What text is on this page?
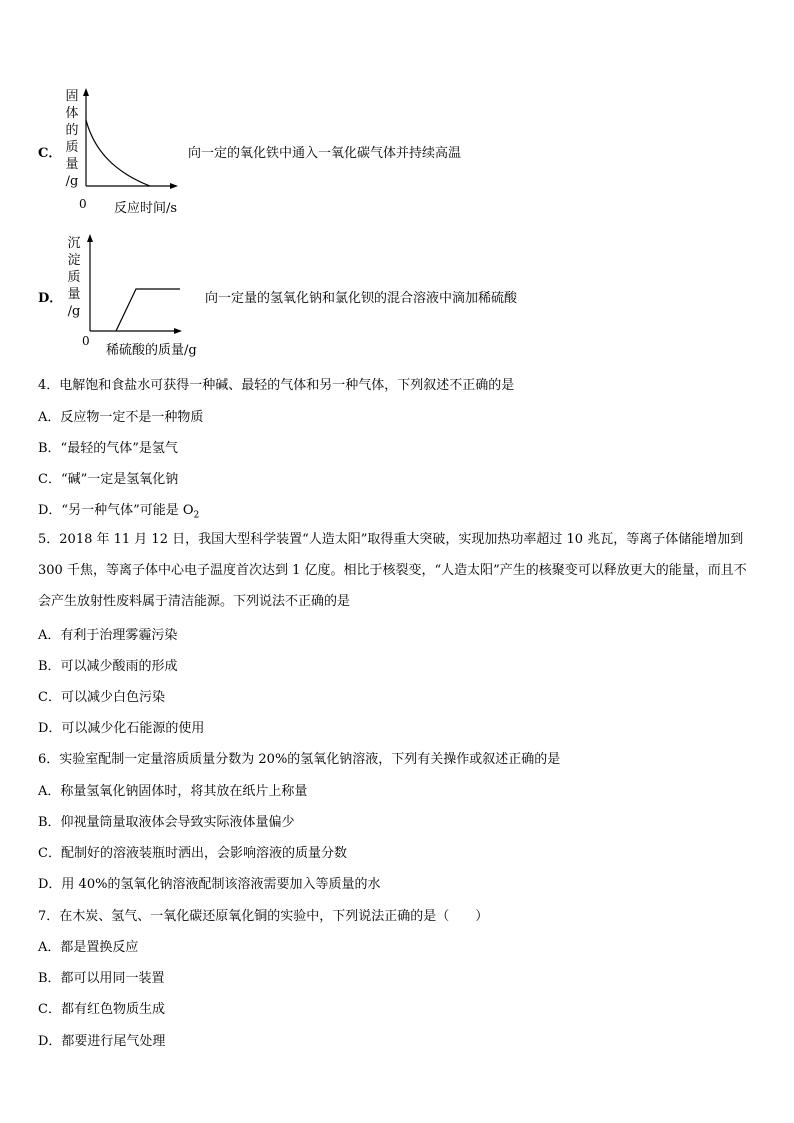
C．
固
体
的
质
量
/g
0 反应时间/s
向一定的氧化铁中通入一氧化碳气体并持续高温
D．
沉
淀
质
量
/g
0
稀硫酸的质量/g
向一定量的氢氧化钠和氯化钡的混合溶液中滴加稀硫酸
4．电解饱和食盐水可获得一种碱、最轻的气体和另一种气体，下列叙述不正确的是
A．反应物一定不是一种物质
B．“最轻的气体”是氢气
C．“碱”一定是氢氧化钠
D．“另一种气体”可能是 $O_2$
5．2018 年 11 月 12 日，我国大型科学装置“人造太阳”取得重大突破，实现加热功率超过 10 兆瓦，等离子体储能增加到 300 千焦，等离子体中心电子温度首次达到 1 亿度。相比于核裂变，“人造太阳”产生的核聚变可以释放更大的能量，而且不会产生放射性废料属于清洁能源。下列说法不正确的是
A．有利于治理雾霾污染
B．可以减少酸雨的形成
C．可以减少白色污染
D．可以减少化石能源的使用
6．实验室配制一定量溶质质量分数为 20%的氢氧化钠溶液，下列有关操作或叙述正确的是
A．称量氢氧化钠固体时，将其放在纸片上称量
B．仰视量筒量取液体会导致实际液体量偏少
C．配制好的溶液装瓶时洒出，会影响溶液的质量分数
D．用 40%的氢氧化钠溶液配制该溶液需要加入等质量的水
7．在木炭、氢气、一氧化碳还原氧化铜的实验中，下列说法正确的是（　　）
A．都是置换反应
B．都可以用同一装置
C．都有红色物质生成
D．都要进行尾气处理
